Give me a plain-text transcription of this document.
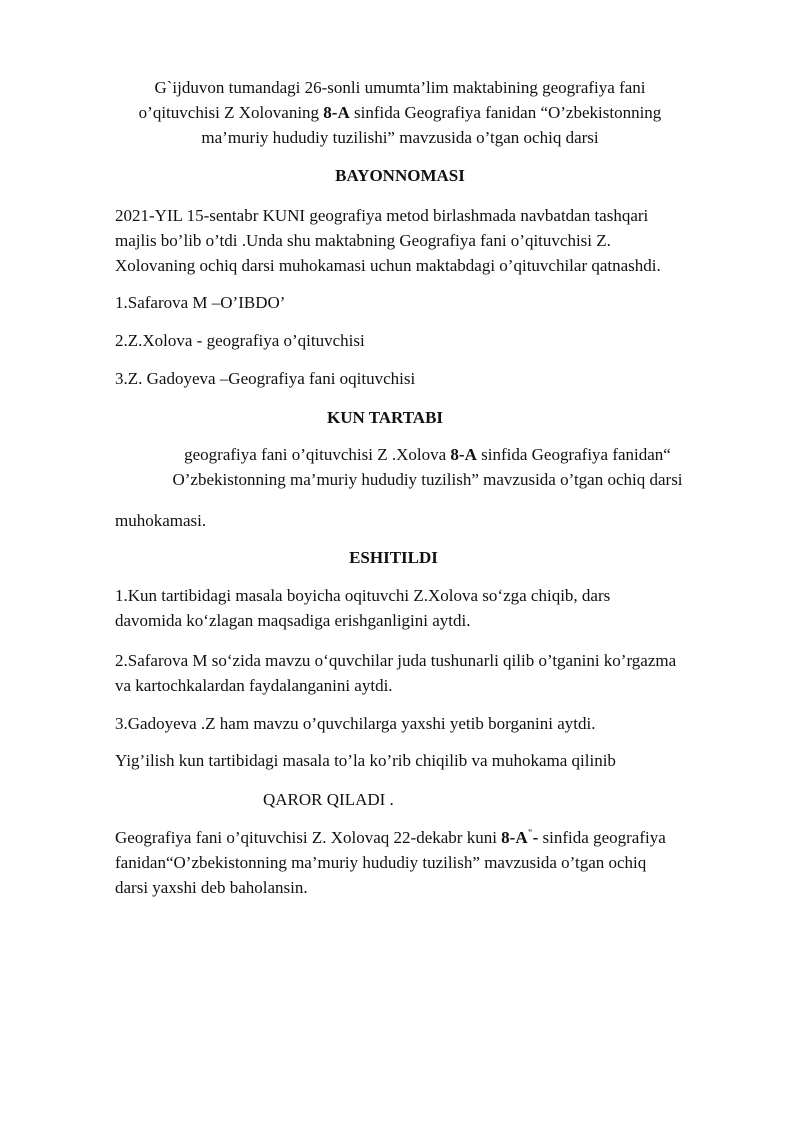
G`ijduvon tumandagi 26-sonli umumta’lim maktabining geografiya fani
o’qituvchisi Z Xolovaning 8-A sinfida Geografiya fanidan “O’zbekistonning
ma’muriy hududiy tuzilishi” mavzusida o’tgan ochiq darsi

BAYONNOMASI

2021-YIL 15-sentabr KUNI geografiya metod birlashmada navbatdan tashqari
majlis bo’lib o’tdi .Unda shu maktabning Geografiya fani o’qituvchisi Z.
Xolovaning ochiq darsi muhokamasi uchun maktabdagi o’qituvchilar qatnashdi.

1.Safarova M –O’IBDO’

2.Z.Xolova - geografiya o’qituvchisi

3.Z. Gadoyeva –Geografiya fani oqituvchisi

KUN TARTABI

geografiya fani o’qituvchisi Z .Xolova 8-A sinfida Geografiya fanidan“
O’zbekistonning ma’muriy hududiy tuzilish” mavzusida o’tgan ochiq darsi

muhokamasi.

ESHITILDI

1.Kun tartibidagi masala boyicha oqituvchi Z.Xolova so‘zga chiqib, dars
davomida ko‘zlagan maqsadiga erishganligini aytdi.

2.Safarova M so‘zida mavzu o‘quvchilar juda tushunarli qilib o’tganini ko’rgazma
va kartochkalardan faydalanganini aytdi.

3.Gadoyeva .Z ham mavzu o’quvchilarga yaxshi yetib borganini aytdi.

Yig’ilish kun tartibidagi masala to’la ko’rib chiqilib va muhokama qilinib

QAROR QILADI .

Geografiya fani o’qituvchisi Z. Xolovaq 22-dekabr kuni 8-A"- sinfida geografiya
fanidan“O’zbekistonning ma’muriy hududiy tuzilish” mavzusida o’tgan ochiq
darsi yaxshi deb baholansin.
